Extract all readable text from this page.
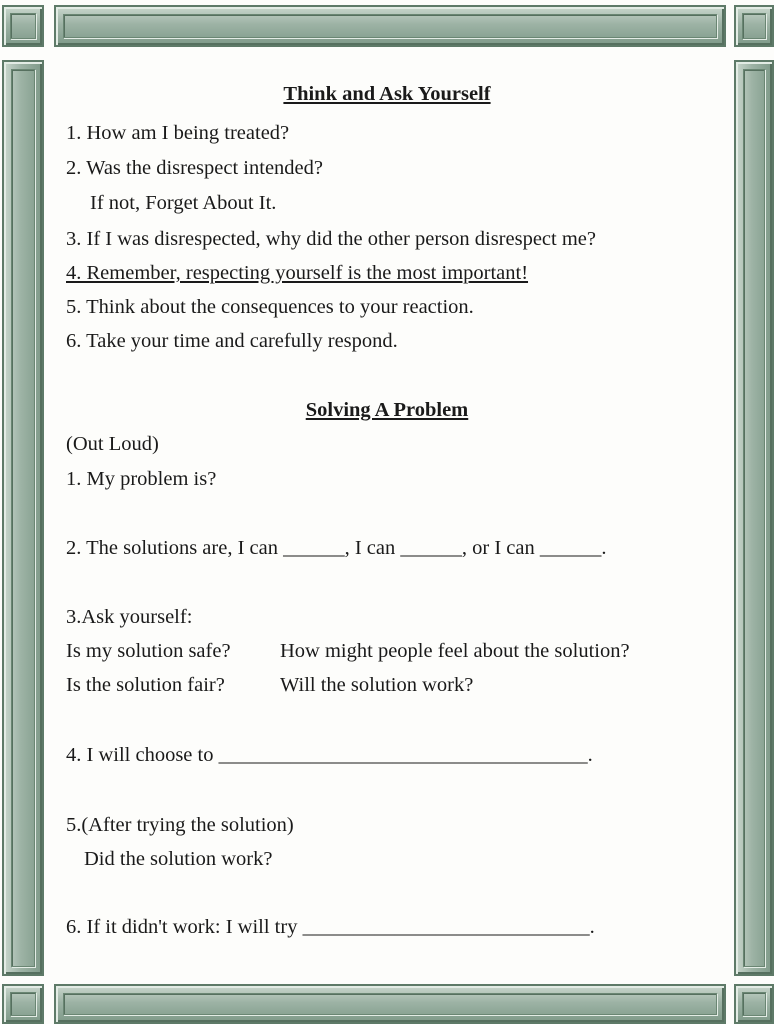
Think and Ask Yourself
1. How am I being treated?
2. Was the disrespect intended?
If not, Forget About It.
3. If I was disrespected, why did the other person disrespect me?
4. Remember, respecting yourself is the most important!
5. Think about the consequences to your reaction.
6. Take your time and carefully respond.
Solving A Problem
(Out Loud)
1. My problem is?
2. The solutions are, I can ______, I can ______, or I can ______.
3.Ask yourself:
Is my solution safe? How might people feel about the solution?
Is the solution fair?	Will the solution work?
4. I will choose to ____________________________________.
5.(After trying the solution)
Did the solution work?
6. If it didn't work: I will try ____________________________.
